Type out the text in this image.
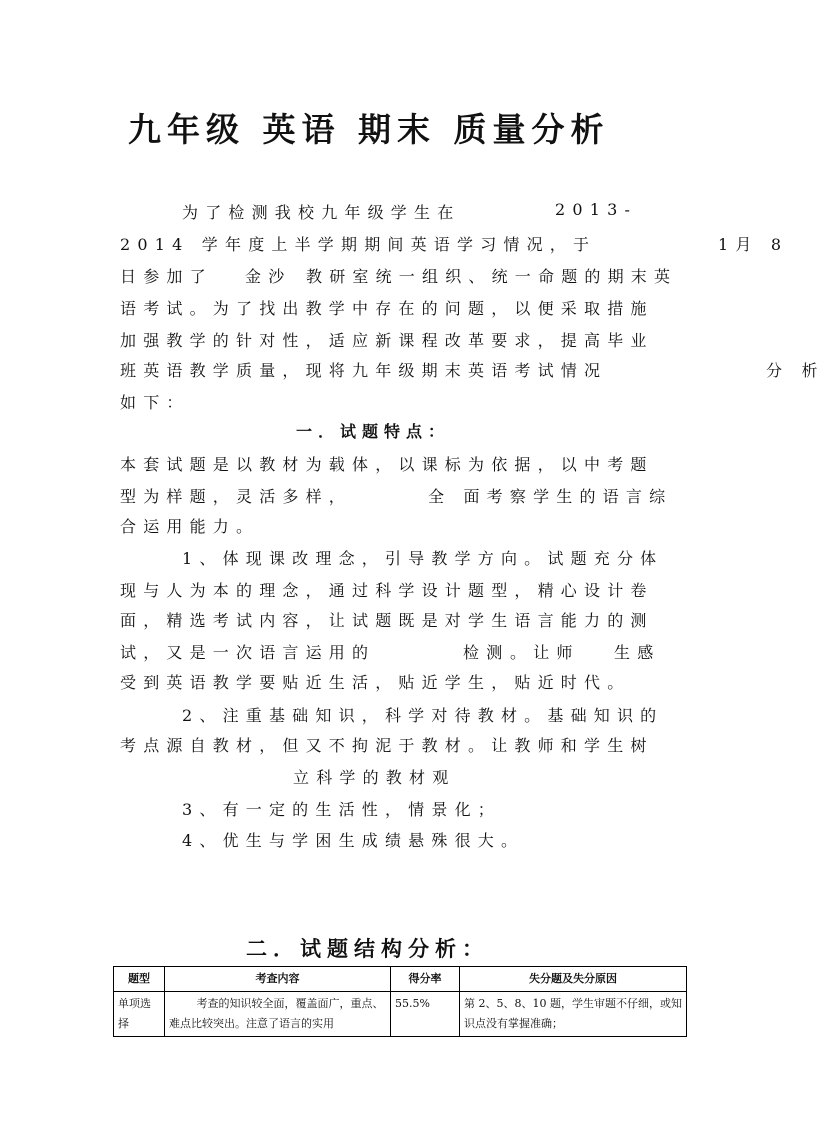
九年级 英语 期末 质量分析
为了检测我校九年级学生在	2013-
2014 学年度上半学期期间英语学习情况，于	1月 8
日参加了 金沙 教研室统一组织、统一命题的期末英
语考试。为了找出教学中存在的问题，以便采取措施
加强教学的针对性，适应新课程改革要求，提高毕业
班英语教学质量，现将九年级期末英语考试情况	分 析
如下：
一．试题特点：
本套试题是以教材为载体，以课标为依据，以中考题
型为样题，灵活多样，	全 面考察学生的语言综
合运用能力。
1、体现课改理念，引导教学方向。试题充分体
现与人为本的理念，通过科学设计题型，精心设计卷
面，精选考试内容，让试题既是对学生语言能力的测
试，又是一次语言运用的	检测 。让师 生感
受到英语教学要贴近生活，贴近学生，贴近时代。
2、注重基础知识，科学对待教材。基础知识的
考点源自教材，但又不拘泥于教材。让教师和学生树
立科学的教材观
3、有一定的生活性，情景化；
4、优生与学困生成绩悬殊很大。
二．试题结构分析：
题型	考查内容	得分率	失分题及失分原因
单项选择	考查的知识较全面，覆盖面广，重点、难点比较突出。注意了语言的实用	55.5%	第 2、5、8、10 题，学生审题不仔细，或知识点没有掌握准确；
